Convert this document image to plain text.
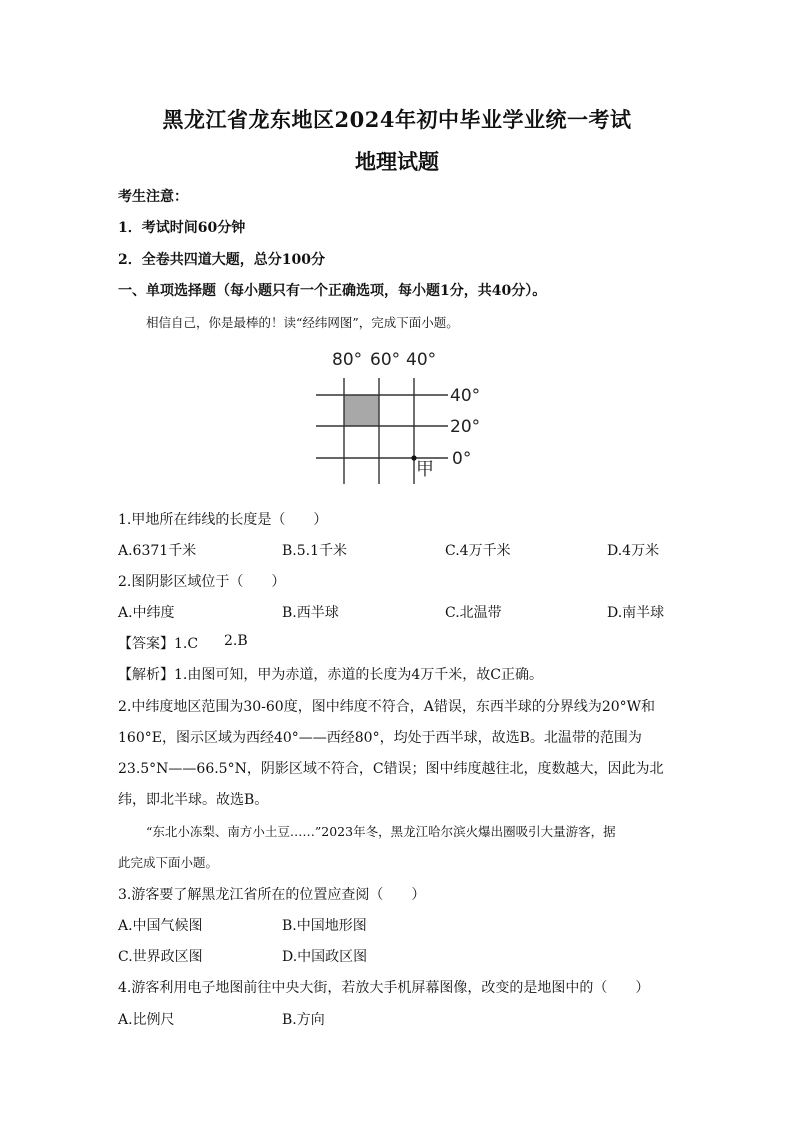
黑龙江省龙东地区2024年初中毕业学业统一考试
地理试题
考生注意：
1．考试时间60分钟
2．全卷共四道大题，总分100分
一、单项选择题（每小题只有一个正确选项，每小题1分，共40分）。
相信自己，你是最棒的！读“经纬网图”，完成下面小题。
80° 60° 40°
40°
20°
0°
甲
1.甲地所在纬线的长度是（　　）
A.6371千米	B.5.1千米	C.4万千米	D.4万米
2.图阴影区域位于（　　）
A.中纬度	B.西半球	C.北温带	D.南半球
【答案】1.C 2.B
【解析】1.由图可知，甲为赤道，赤道的长度为4万千米，故C正确。
2.中纬度地区范围为30-60度，图中纬度不符合，A错误，东西半球的分界线为20°W和
160°E，图示区域为西经40°——西经80°，均处于西半球，故选B。北温带的范围为
23.5°N——66.5°N，阴影区域不符合，C错误；图中纬度越往北，度数越大，因此为北
纬，即北半球。故选B。
“东北小冻梨、南方小土豆……”2023年冬，黑龙江哈尔滨火爆出圈吸引大量游客，据
此完成下面小题。
3.游客要了解黑龙江省所在的位置应查阅（　　）
A.中国气候图	B.中国地形图
C.世界政区图	D.中国政区图
4.游客利用电子地图前往中央大街，若放大手机屏幕图像，改变的是地图中的（　　）
A.比例尺	B.方向
